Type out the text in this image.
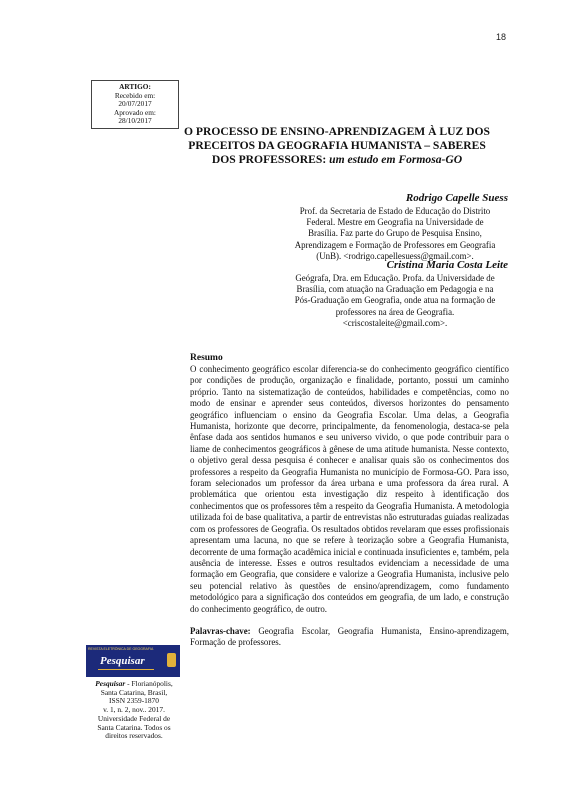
18
ARTIGO:
Recebido em:
20/07/2017
Aprovado em:
28/10/2017
O PROCESSO DE ENSINO-APRENDIZAGEM À LUZ DOS
PRECEITOS DA GEOGRAFIA HUMANISTA – SABERES
DOS PROFESSORES: um estudo em Formosa-GO
Rodrigo Capelle Suess
Prof. da Secretaria de Estado de Educação do Distrito
Federal. Mestre em Geografia na Universidade de
Brasília. Faz parte do Grupo de Pesquisa Ensino,
Aprendizagem e Formação de Professores em Geografia
(UnB). <rodrigo.capellesuess@gmail.com>.
Cristina Maria Costa Leite
Geógrafa, Dra. em Educação. Profa. da Universidade de
Brasília, com atuação na Graduação em Pedagogia e na
Pós-Graduação em Geografia, onde atua na formação de
professores na área de Geografia.
<criscostaleite@gmail.com>.
Resumo

O conhecimento geográfico escolar diferencia-se do conhecimento geográfico científico por condições de produção, organização e finalidade, portanto, possui um caminho próprio. Tanto na sistematização de conteúdos, habilidades e competências, como no modo de ensinar e aprender seus conteúdos, diversos horizontes do pensamento geográfico influenciam o ensino da Geografia Escolar. Uma delas, a Geografia Humanista, horizonte que decorre, principalmente, da fenomenologia, destaca-se pela ênfase dada aos sentidos humanos e seu universo vivido, o que pode contribuir para o liame de conhecimentos geográficos à gênese de uma atitude humanista. Nesse contexto, o objetivo geral dessa pesquisa é conhecer e analisar quais são os conhecimentos dos professores a respeito da Geografia Humanista no município de Formosa-GO. Para isso, foram selecionados um professor da área urbana e uma professora da área rural. A problemática que orientou esta investigação diz respeito à identificação dos conhecimentos que os professores têm a respeito da Geografia Humanista. A metodologia utilizada foi de base qualitativa, a partir de entrevistas não estruturadas guiadas realizadas com os professores de Geografia. Os resultados obtidos revelaram que esses profissionais apresentam uma lacuna, no que se refere à teorização sobre a Geografia Humanista, decorrente de uma formação acadêmica inicial e continuada insuficientes e, também, pela ausência de interesse. Esses e outros resultados evidenciam a necessidade de uma formação em Geografia, que considere e valorize a Geografia Humanista, inclusive pelo seu potencial relativo às questões de ensino/aprendizagem, como fundamento metodológico para a significação dos conteúdos em geografia, de um lado, e construção do conhecimento geográfico, de outro.

Palavras-chave: Geografia Escolar, Geografia Humanista, Ensino-aprendizagem, Formação de professores.

REVISTA ELETRÔNICA DE GEOGRAFIA
Pesquisar
Pesquisar - Florianópolis,
Santa Catarina, Brasil,
ISSN 2359-1870
v. 1, n. 2, nov.. 2017.
Universidade Federal de
Santa Catarina. Todos os
direitos reservados.
